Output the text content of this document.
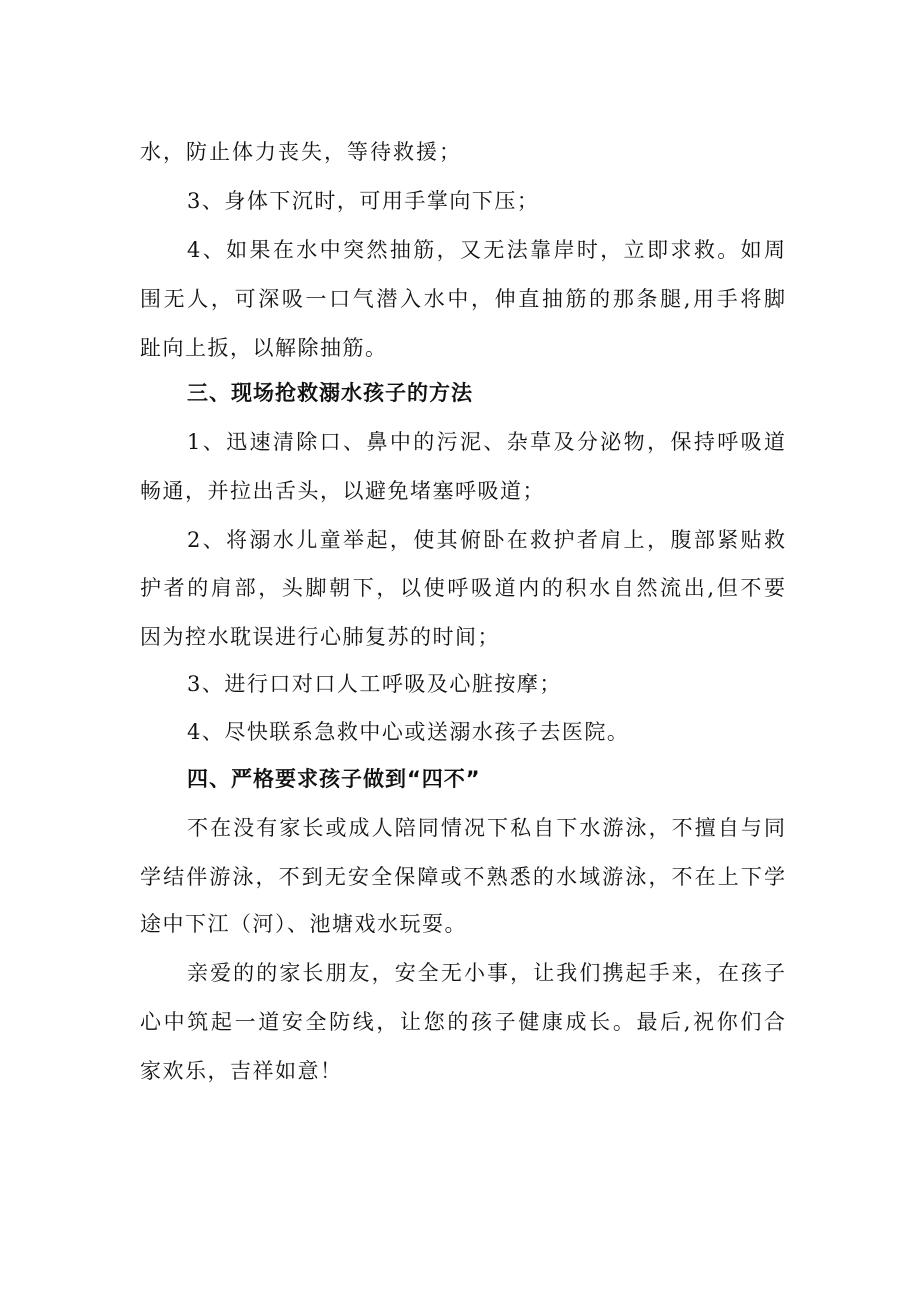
水，防止体力丧失，等待救援；
3、身体下沉时，可用手掌向下压；
4、如果在水中突然抽筋，又无法靠岸时，立即求救。如周
围无人，可深吸一口气潜入水中，伸直抽筋的那条腿,用手将脚
趾向上扳，以解除抽筋。
三、现场抢救溺水孩子的方法
1、迅速清除口、鼻中的污泥、杂草及分泌物，保持呼吸道
畅通，并拉出舌头，以避免堵塞呼吸道；
2、将溺水儿童举起，使其俯卧在救护者肩上，腹部紧贴救
护者的肩部，头脚朝下，以使呼吸道内的积水自然流出,但不要
因为控水耽误进行心肺复苏的时间；
3、进行口对口人工呼吸及心脏按摩；
4、尽快联系急救中心或送溺水孩子去医院。
四、严格要求孩子做到“四不”
不在没有家长或成人陪同情况下私自下水游泳，不擅自与同
学结伴游泳，不到无安全保障或不熟悉的水域游泳，不在上下学
途中下江（河）、池塘戏水玩耍。
亲爱的的家长朋友，安全无小事，让我们携起手来，在孩子
心中筑起一道安全防线，让您的孩子健康成长。最后,祝你们合
家欢乐，吉祥如意！
